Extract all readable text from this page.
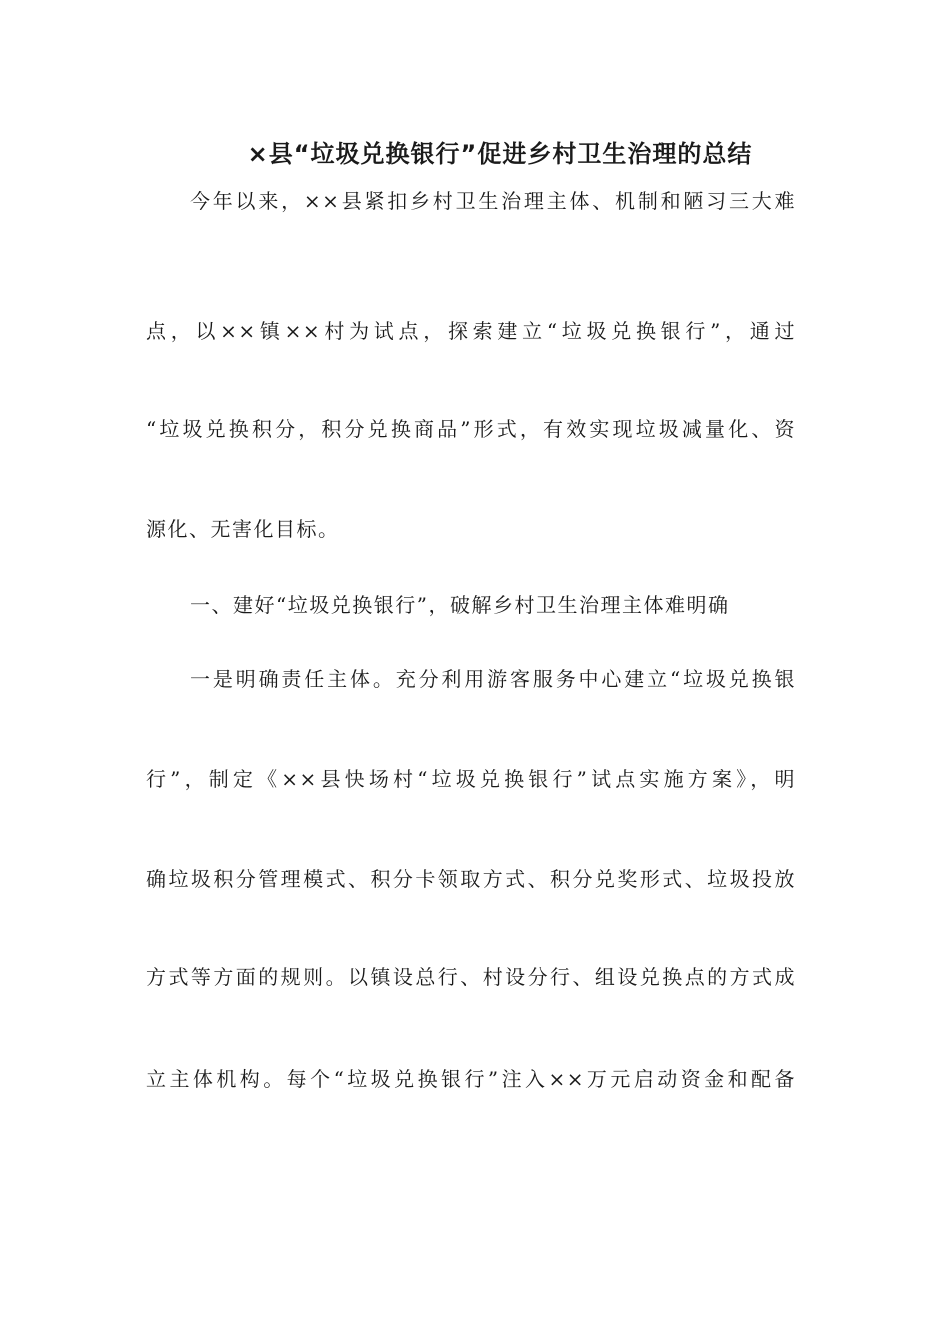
×县“垃圾兑换银行”促进乡村卫生治理的总结

今年以来，××县紧扣乡村卫生治理主体、机制和陋习三大难

点，以××镇××村为试点，探索建立“垃圾兑换银行”，通过

“垃圾兑换积分，积分兑换商品”形式，有效实现垃圾减量化、资

源化、无害化目标。

一、建好“垃圾兑换银行”，破解乡村卫生治理主体难明确

一是明确责任主体。充分利用游客服务中心建立“垃圾兑换银

行”，制定《××县快场村“垃圾兑换银行”试点实施方案》，明

确垃圾积分管理模式、积分卡领取方式、积分兑奖形式、垃圾投放

方式等方面的规则。以镇设总行、村设分行、组设兑换点的方式成

立主体机构。每个“垃圾兑换银行”注入××万元启动资金和配备
